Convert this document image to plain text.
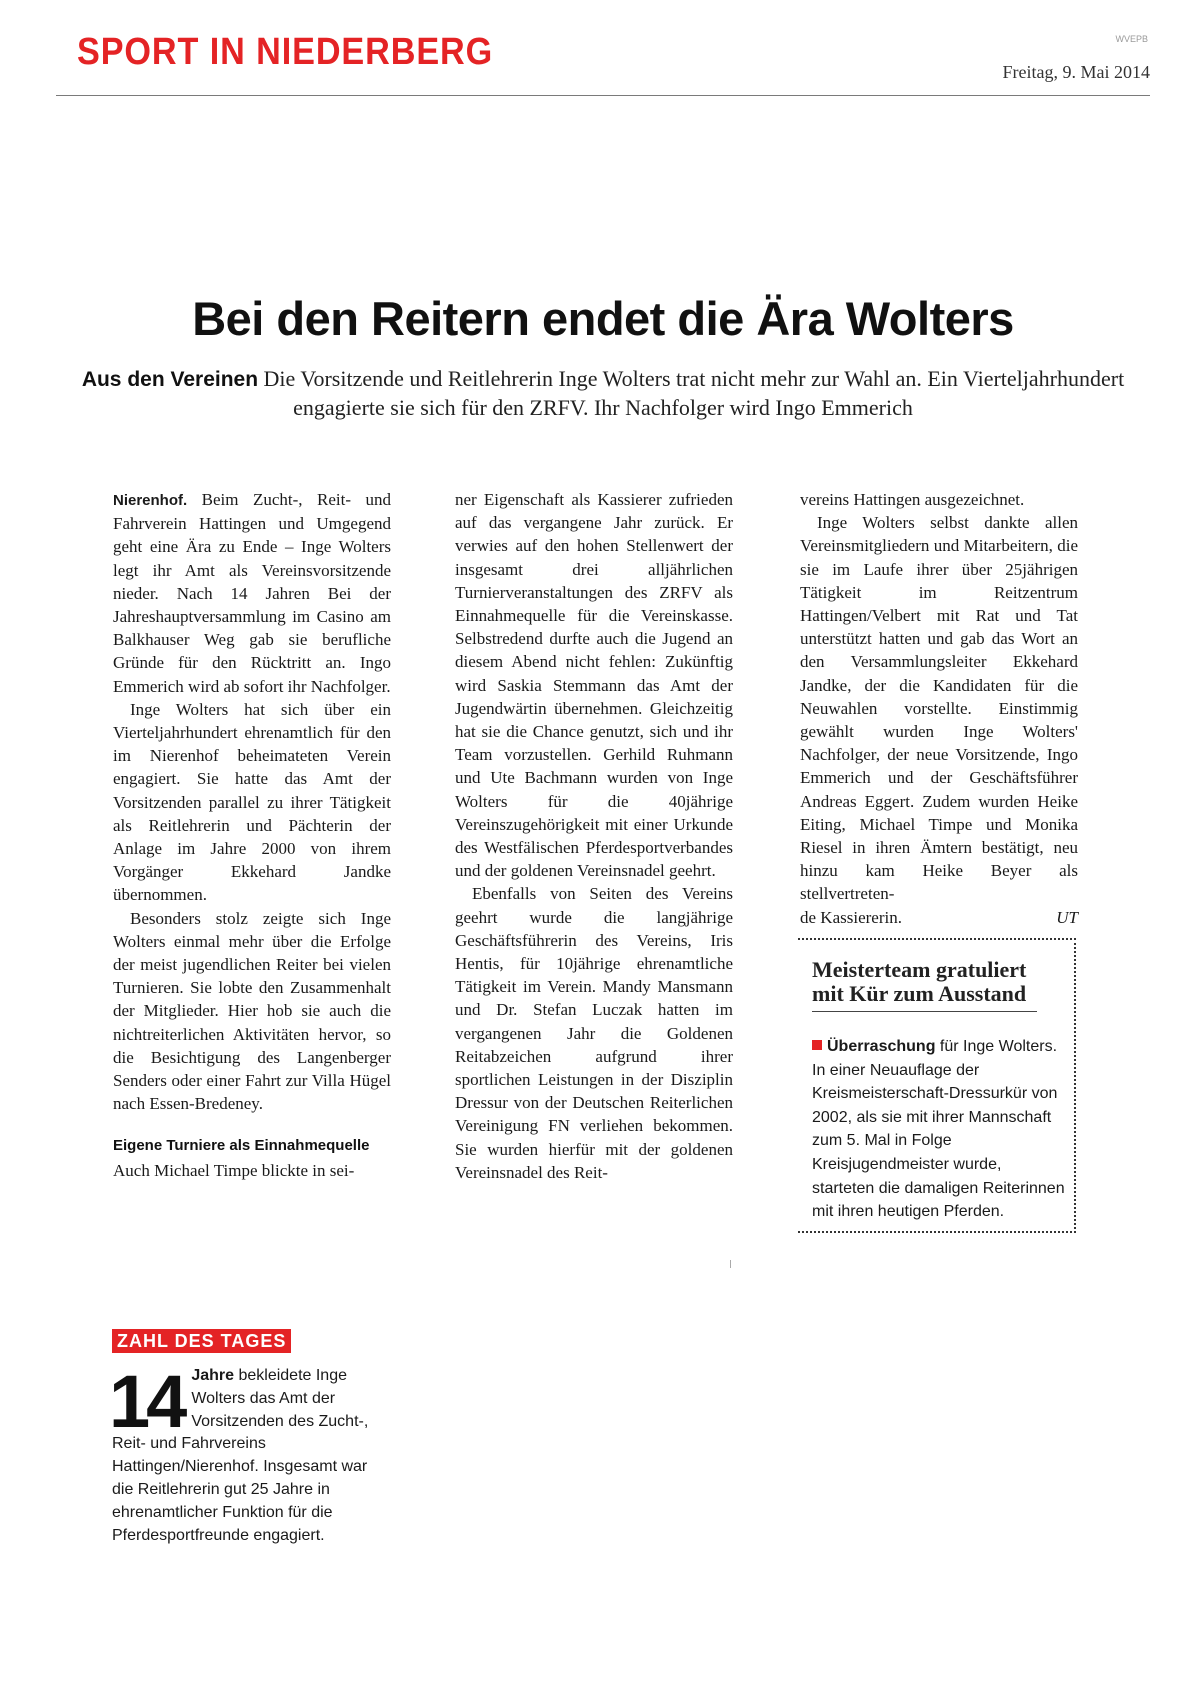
SPORT IN NIEDERBERG	WVEPB
Freitag, 9. Mai 2014
Bei den Reitern endet die Ära Wolters
Aus den Vereinen Die Vorsitzende und Reitlehrerin Inge Wolters trat nicht mehr zur Wahl an. Ein Vierteljahrhundert engagierte sie sich für den ZRFV. Ihr Nachfolger wird Ingo Emmerich

Nierenhof. Beim Zucht-, Reit- und Fahrverein Hattingen und Umgegend geht eine Ära zu Ende – Inge Wolters legt ihr Amt als Vereinsvorsitzende nieder. Nach 14 Jahren Bei der Jahreshauptversammlung im Casino am Balkhauser Weg gab sie berufliche Gründe für den Rücktritt an. Ingo Emmerich wird ab sofort ihr Nachfolger.

Inge Wolters hat sich über ein Vierteljahrhundert ehrenamtlich für den im Nierenhof beheimateten Verein engagiert. Sie hatte das Amt der Vorsitzenden parallel zu ihrer Tätigkeit als Reitlehrerin und Pächterin der Anlage im Jahre 2000 von ihrem Vorgänger Ekkehard Jandke übernommen.

Besonders stolz zeigte sich Inge Wolters einmal mehr über die Erfolge der meist jugendlichen Reiter bei vielen Turnieren. Sie lobte den Zusammenhalt der Mitglieder. Hier hob sie auch die nichtreiterlichen Aktivitäten hervor, so die Besichtigung des Langenberger Senders oder einer Fahrt zur Villa Hügel nach Essen-Bredeney.

Eigene Turniere als Einnahmequelle

Auch Michael Timpe blickte in sei-

ner Eigenschaft als Kassierer zufrieden auf das vergangene Jahr zurück. Er verwies auf den hohen Stellenwert der insgesamt drei alljährlichen Turnierveranstaltungen des ZRFV als Einnahmequelle für die Vereinskasse. Selbstredend durfte auch die Jugend an diesem Abend nicht fehlen: Zukünftig wird Saskia Stemmann das Amt der Jugendwärtin übernehmen. Gleichzeitig hat sie die Chance genutzt, sich und ihr Team vorzustellen. Gerhild Ruhmann und Ute Bachmann wurden von Inge Wolters für die 40jährige Vereinszugehörigkeit mit einer Urkunde des Westfälischen Pferdesportverbandes und der goldenen Vereinsnadel geehrt.

Ebenfalls von Seiten des Vereins geehrt wurde die langjährige Geschäftsführerin des Vereins, Iris Hentis, für 10jährige ehrenamtliche Tätigkeit im Verein. Mandy Mansmann und Dr. Stefan Luczak hatten im vergangenen Jahr die Goldenen Reitabzeichen aufgrund ihrer sportlichen Leistungen in der Disziplin Dressur von der Deutschen Reiterlichen Vereinigung FN verliehen bekommen. Sie wurden hierfür mit der goldenen Vereinsnadel des Reit-

vereins Hattingen ausgezeichnet.

Inge Wolters selbst dankte allen Vereinsmitgliedern und Mitarbeitern, die sie im Laufe ihrer über 25jährigen Tätigkeit im Reitzentrum Hattingen/Velbert mit Rat und Tat unterstützt hatten und gab das Wort an den Versammlungsleiter Ekkehard Jandke, der die Kandidaten für die Neuwahlen vorstellte. Einstimmig gewählt wurden Inge Wolters' Nachfolger, der neue Vorsitzende, Ingo Emmerich und der Geschäftsführer Andreas Eggert. Zudem wurden Heike Eiting, Michael Timpe und Monika Riesel in ihren Ämtern bestätigt, neu hinzu kam Heike Beyer als stellvertreten-

de Kassiererin.	UT
Meisterteam gratuliert mit Kür zum Ausstand
Überraschung für Inge Wolters. In einer Neuauflage der Kreismeisterschaft-Dressurkür von 2002, als sie mit ihrer Mannschaft zum 5. Mal in Folge Kreisjugendmeister wurde, starteten die damaligen Reiterinnen mit ihren heutigen Pferden.
ZAHL DES TAGES
14 Jahre bekleidete Inge Wolters das Amt der Vorsitzenden des Zucht-, Reit- und Fahrvereins Hattingen/Nierenhof. Insgesamt war die Reitlehrerin gut 25 Jahre in ehrenamtlicher Funktion für die Pferdesportfreunde engagiert.
